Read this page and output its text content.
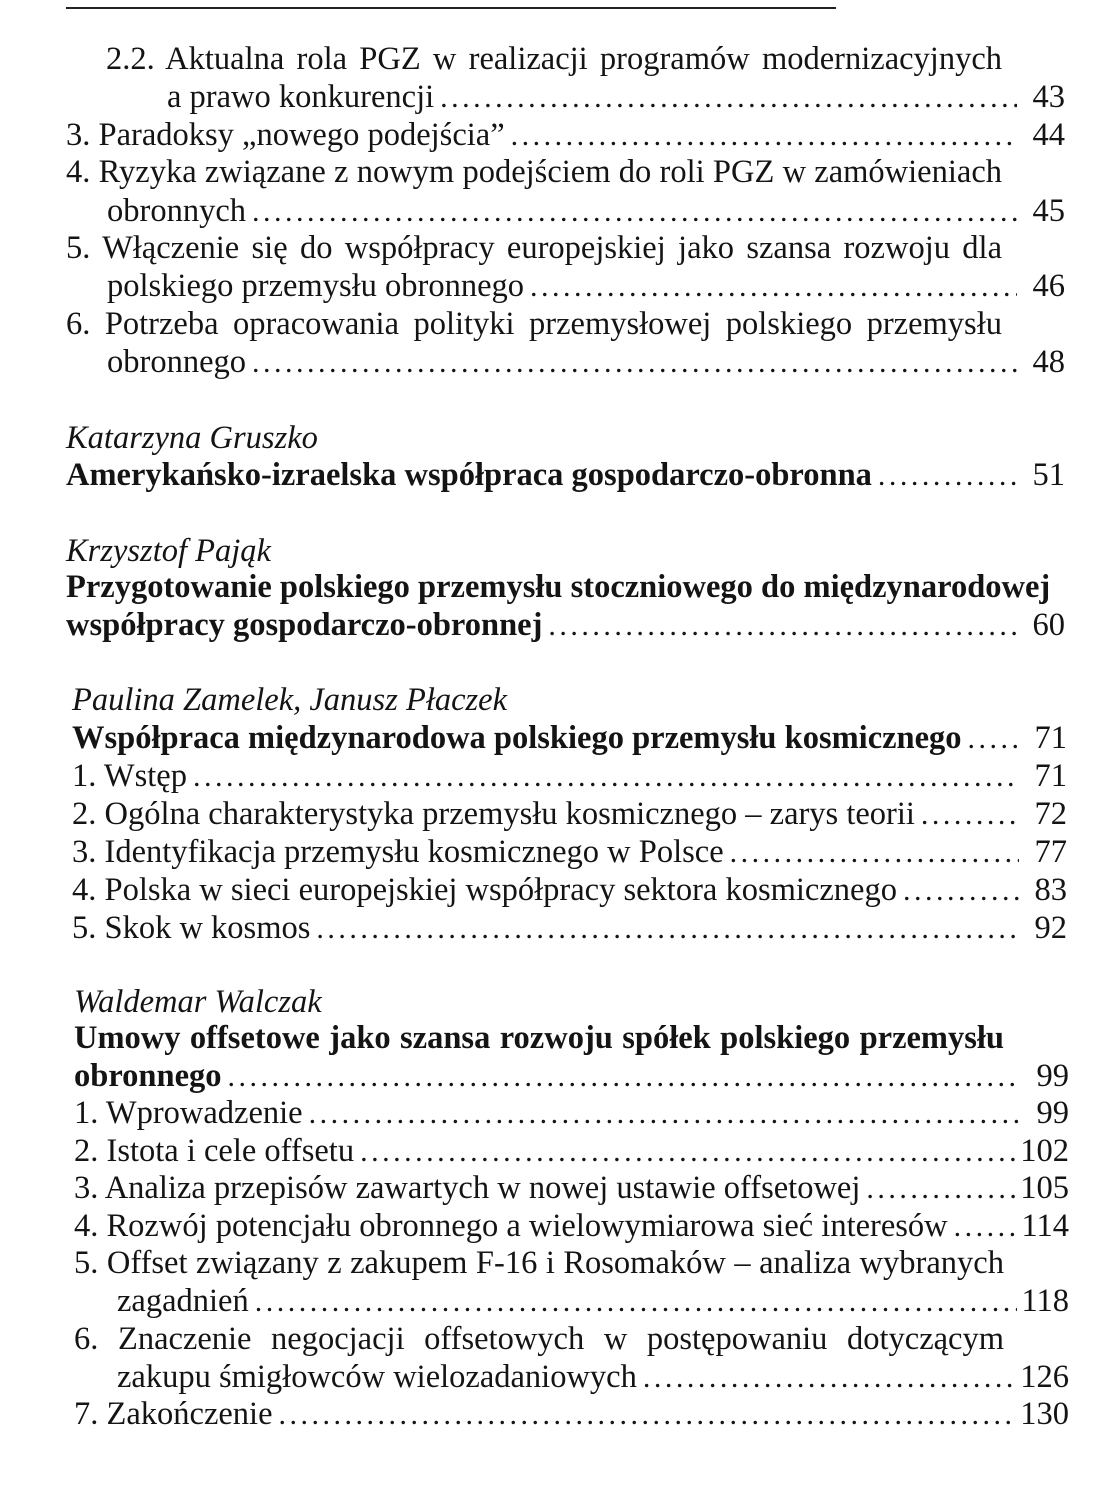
2.2. Aktualna rola PGZ w realizacji programów modernizacyjnych
a prawo konkurencji . . .	43
3. Paradoksy „nowego podejścia” . . .	44
4. Ryzyka związane z nowym podejściem do roli PGZ w zamówieniach
obronnych . . .	45
5. Włączenie się do współpracy europejskiej jako szansa rozwoju dla
polskiego przemysłu obronnego . . .	46
6. Potrzeba opracowania polityki przemysłowej polskiego przemysłu
obronnego . . .	48
Katarzyna Gruszko
Amerykańsko-izraelska współpraca gospodarczo-obronna . . .	51
Krzysztof Pająk
Przygotowanie polskiego przemysłu stoczniowego do międzynarodowej
współpracy gospodarczo-obronnej . . .	60
Paulina Zamelek, Janusz Płaczek
Współpraca międzynarodowa polskiego przemysłu kosmicznego . . .	71
1. Wstęp . . .	71
2. Ogólna charakterystyka przemysłu kosmicznego – zarys teorii . . .	72
3. Identyfikacja przemysłu kosmicznego w Polsce . . .	77
4. Polska w sieci europejskiej współpracy sektora kosmicznego . . .	83
5. Skok w kosmos . . .	92
Waldemar Walczak
Umowy offsetowe jako szansa rozwoju spółek polskiego przemysłu
obronnego . . .	99
1. Wprowadzenie . . .	99
2. Istota i cele offsetu . . .	102
3. Analiza przepisów zawartych w nowej ustawie offsetowej . . .	105
4. Rozwój potencjału obronnego a wielowymiarowa sieć interesów . . . 114
5. Offset związany z zakupem F-16 i Rosomaków – analiza wybranych
zagadnień . . .	118
6. Znaczenie negocjacji offsetowych w postępowaniu dotyczącym
zakupu śmigłowców wielozadaniowych . . .	126
7. Zakończenie . . .	130
